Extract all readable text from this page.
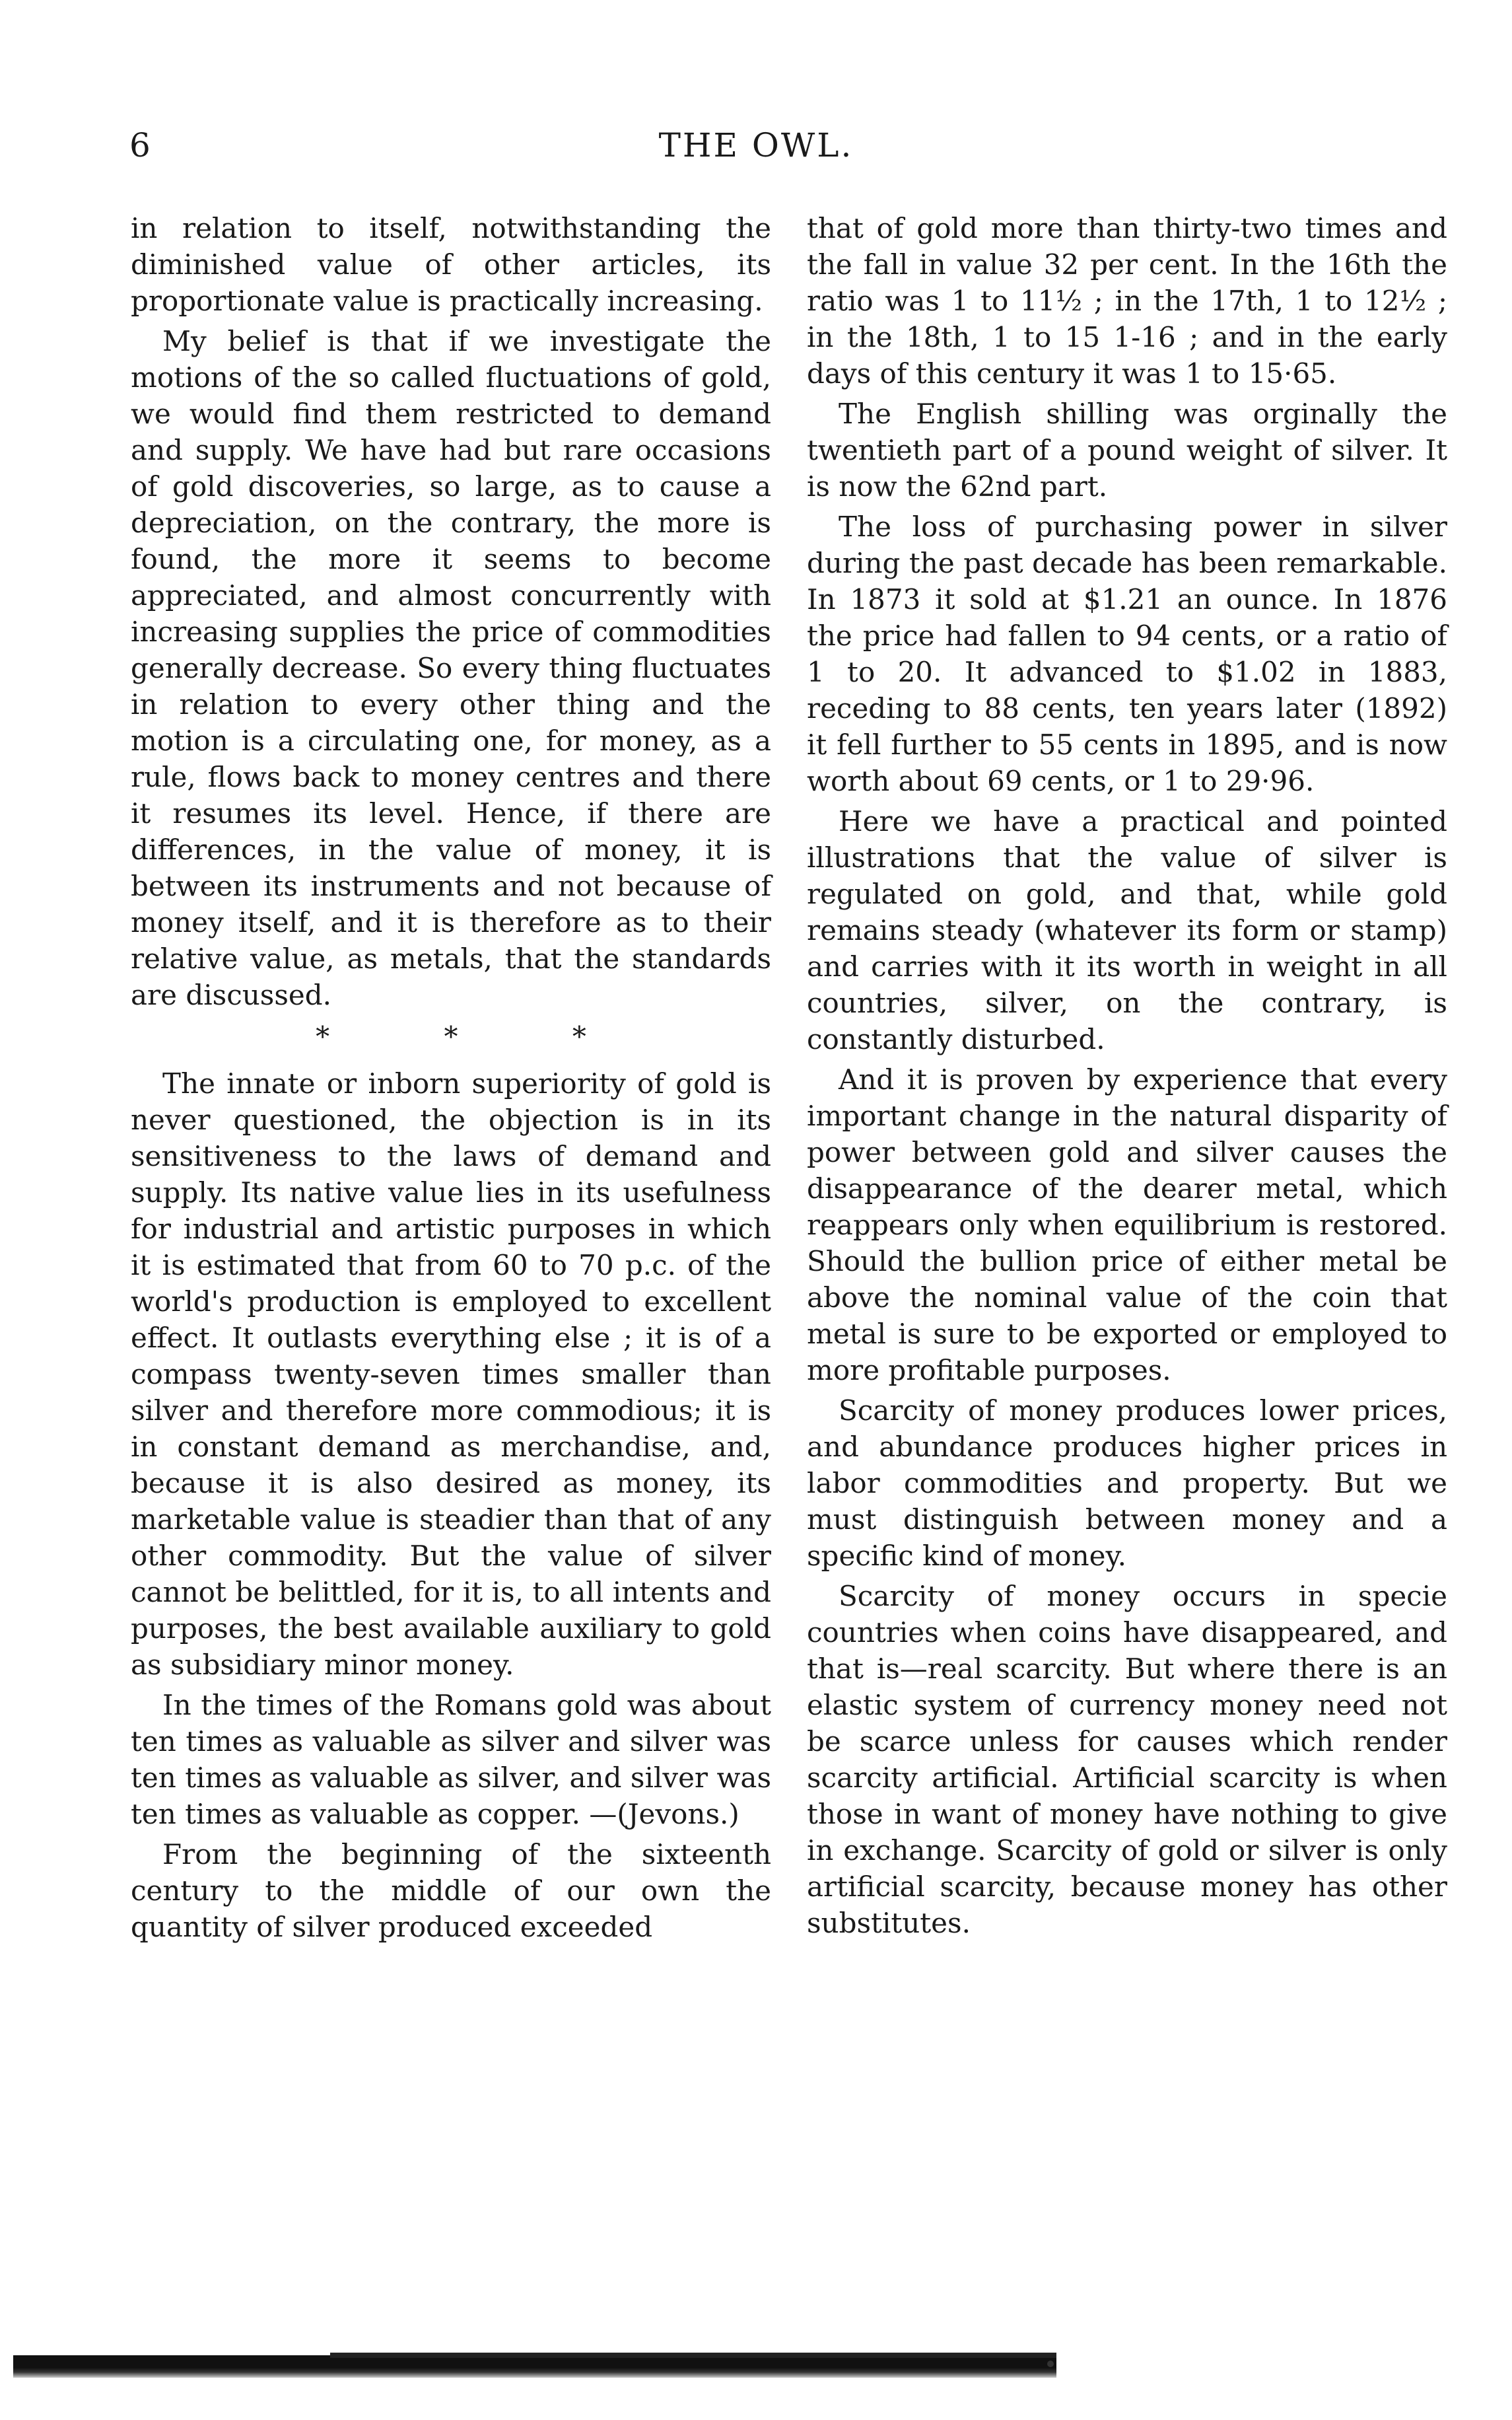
6	THE OWL.

in relation to itself, notwithstanding the diminished value of other articles, its proportionate value is practically increasing.

My belief is that if we investigate the motions of the so called fluctuations of gold, we would find them restricted to demand and supply. We have had but rare occasions of gold discoveries, so large, as to cause a depreciation, on the contrary, the more is found, the more it seems to become appreciated, and almost concurrently with increasing supplies the price of commodities generally decrease. So every thing fluctuates in relation to every other thing and the motion is a circulating one, for money, as a rule, flows back to money centres and there it resumes its level. Hence, if there are differences, in the value of money, it is between its instruments and not because of money itself, and it is therefore as to their relative value, as metals, that the standards are discussed.

* * *

The innate or inborn superiority of gold is never questioned, the objection is in its sensitiveness to the laws of demand and supply. Its native value lies in its usefulness for industrial and artistic purposes in which it is estimated that from 60 to 70 p.c. of the world's production is employed to excellent effect. It outlasts everything else ; it is of a compass twenty-seven times smaller than silver and therefore more commodious; it is in constant demand as merchandise, and, because it is also desired as money, its marketable value is steadier than that of any other commodity. But the value of silver cannot be belittled, for it is, to all intents and purposes, the best available auxiliary to gold as subsidiary minor money.

In the times of the Romans gold was about ten times as valuable as silver and silver was ten times as valuable as silver, and silver was ten times as valuable as copper. —(Jevons.)

From the beginning of the sixteenth century to the middle of our own the quantity of silver produced exceeded

that of gold more than thirty-two times and the fall in value 32 per cent. In the 16th the ratio was 1 to 11½ ; in the 17th, 1 to 12½ ; in the 18th, 1 to 15 1-16 ; and in the early days of this century it was 1 to 15·65.

The English shilling was orginally the twentieth part of a pound weight of silver. It is now the 62nd part.

The loss of purchasing power in silver during the past decade has been remarkable. In 1873 it sold at $1.21 an ounce. In 1876 the price had fallen to 94 cents, or a ratio of 1 to 20. It advanced to $1.02 in 1883, receding to 88 cents, ten years later (1892) it fell further to 55 cents in 1895, and is now worth about 69 cents, or 1 to 29·96.

Here we have a practical and pointed illustrations that the value of silver is regulated on gold, and that, while gold remains steady (whatever its form or stamp) and carries with it its worth in weight in all countries, silver, on the contrary, is constantly disturbed.

And it is proven by experience that every important change in the natural disparity of power between gold and silver causes the disappearance of the dearer metal, which reappears only when equilibrium is restored. Should the bullion price of either metal be above the nominal value of the coin that metal is sure to be exported or employed to more profitable purposes.

Scarcity of money produces lower prices, and abundance produces higher prices in labor commodities and property. But we must distinguish between money and a specific kind of money.

Scarcity of money occurs in specie countries when coins have disappeared, and that is—real scarcity. But where there is an elastic system of currency money need not be scarce unless for causes which render scarcity artificial. Artificial scarcity is when those in want of money have nothing to give in exchange. Scarcity of gold or silver is only artificial scarcity, because money has other substitutes.
